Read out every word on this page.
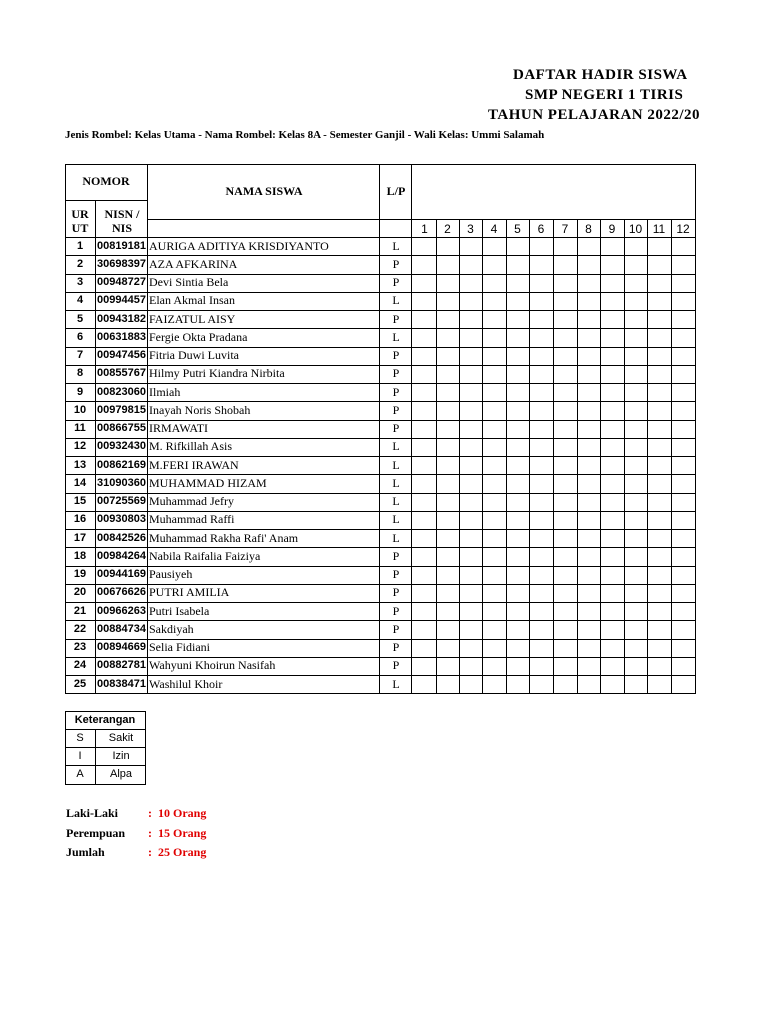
DAFTAR HADIR SISWA
SMP NEGERI 1 TIRIS
TAHUN PELAJARAN 2022/20
Jenis Rombel: Kelas Utama - Nama Rombel: Kelas 8A - Semester Ganjil - Wali Kelas: Ummi Salamah
NOMOR
UR
UT
NISN /
NIS
NAMA SISWA	L/P
1	2	3	4	5	6	7	8	9	10 11 12
1	00819181 AURIGA ADITIYA KRISDIYANTO	L
2	30698397 AZA AFKARINA	P
3	00948727 Devi Sintia Bela	P
4	00994457 Elan Akmal Insan	L
5	00943182 FAIZATUL AISY	P
6	00631883 Fergie Okta Pradana	L
7	00947456 Fitria Duwi Luvita	P
8	00855767 Hilmy Putri Kiandra Nirbita	P
9	00823060 Ilmiah	P
10 00979815 Inayah Noris Shobah	P
11	00866755 IRMAWATI	P
12 00932430 M. Rifkillah Asis	L
13 00862169 M.FERI IRAWAN	L
14 31090360 MUHAMMAD HIZAM	L
15 00725569 Muhammad Jefry	L
16 00930803 Muhammad Raffi	L
17 00842526 Muhammad Rakha Rafi' Anam	L
18 00984264 Nabila Raifalia Faiziya	P
19 00944169 Pausiyeh	P
20 00676626 PUTRI AMILIA	P
21 00966263 Putri Isabela	P
22 00884734 Sakdiyah	P
23 00894669 Selia Fidiani	P
24 00882781 Wahyuni Khoirun Nasifah	P
25 00838471 Washilul Khoir	L
Keterangan
S	Sakit
I	Izin
A	Alpa
Laki-Laki : 10 Orang
Perempuan : 15 Orang
Jumlah	: 25 Orang
